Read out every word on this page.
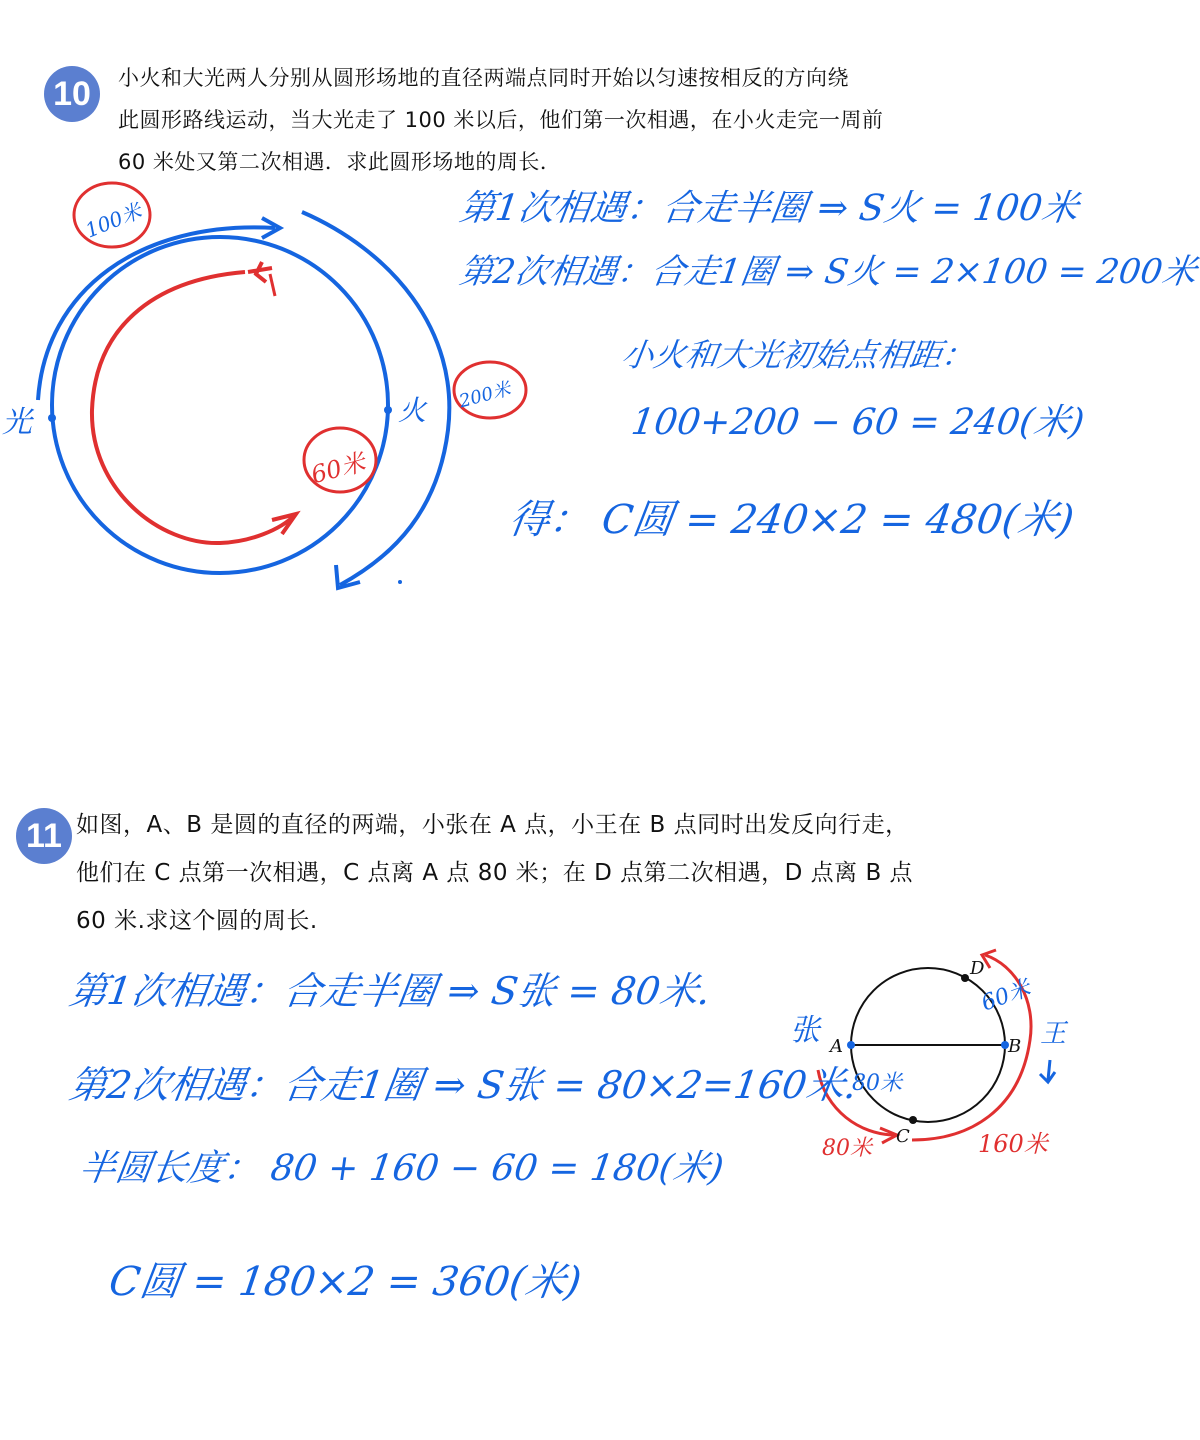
10	小火和大光两人分别从圆形场地的直径两端点同时开始以匀速按相反的方向绕
此圆形路线运动，当大光走了 100 米以后，他们第一次相遇，在小火走完一周前
60 米处又第二次相遇．求此圆形场地的周长．
光	火
100米
200米
60米
A	B
C
D
张	王
60米
80米
80米	160米
第1次相遇：合走半圈 ⇒ S火 = 100米
第2次相遇：合走1圈 ⇒ S火 = 2×100 = 200米
小火和大光初始点相距：
100+200 − 60 = 240(米)
得： C圆 = 240×2 = 480(米)
11 如图，A、B 是圆的直径的两端，小张在 A 点，小王在 B 点同时出发反向行走，
他们在 C 点第一次相遇，C 点离 A 点 80 米；在 D 点第二次相遇，D 点离 B 点
60 米.求这个圆的周长.
第1次相遇：合走半圈 ⇒ S张 = 80米.
第2次相遇：合走1圈 ⇒ S张 = 80×2=160米.
半圆长度： 80 + 160 − 60 = 180(米)
C圆 = 180×2 = 360(米)
